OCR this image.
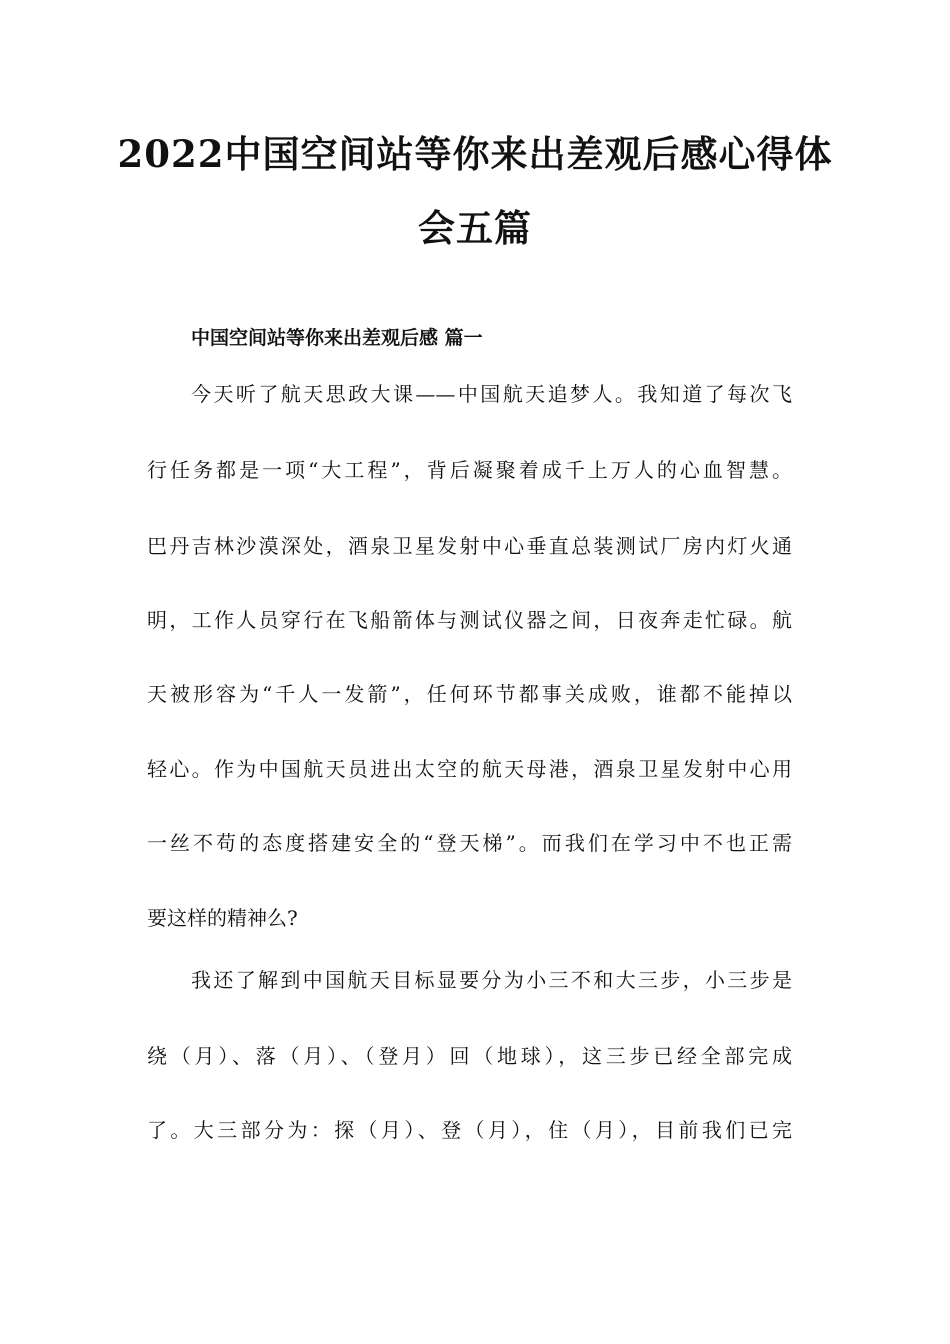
2022中国空间站等你来出差观后感心得体
会五篇
中国空间站等你来出差观后感 篇一

今天听了航天思政大课——中国航天追梦人。我知道了每次飞

行任务都是一项“大工程”，背后凝聚着成千上万人的心血智慧。

巴丹吉林沙漠深处，酒泉卫星发射中心垂直总装测试厂房内灯火通

明，工作人员穿行在飞船箭体与测试仪器之间，日夜奔走忙碌。航

天被形容为“千人一发箭”，任何环节都事关成败，谁都不能掉以

轻心。作为中国航天员进出太空的航天母港，酒泉卫星发射中心用

一丝不苟的态度搭建安全的“登天梯”。而我们在学习中不也正需

要这样的精神么?

我还了解到中国航天目标显要分为小三不和大三步，小三步是

绕（月）、落（月）、（登月）回（地球），这三步已经全部完成

了。大三部分为：探（月）、登（月），住（月），目前我们已完
